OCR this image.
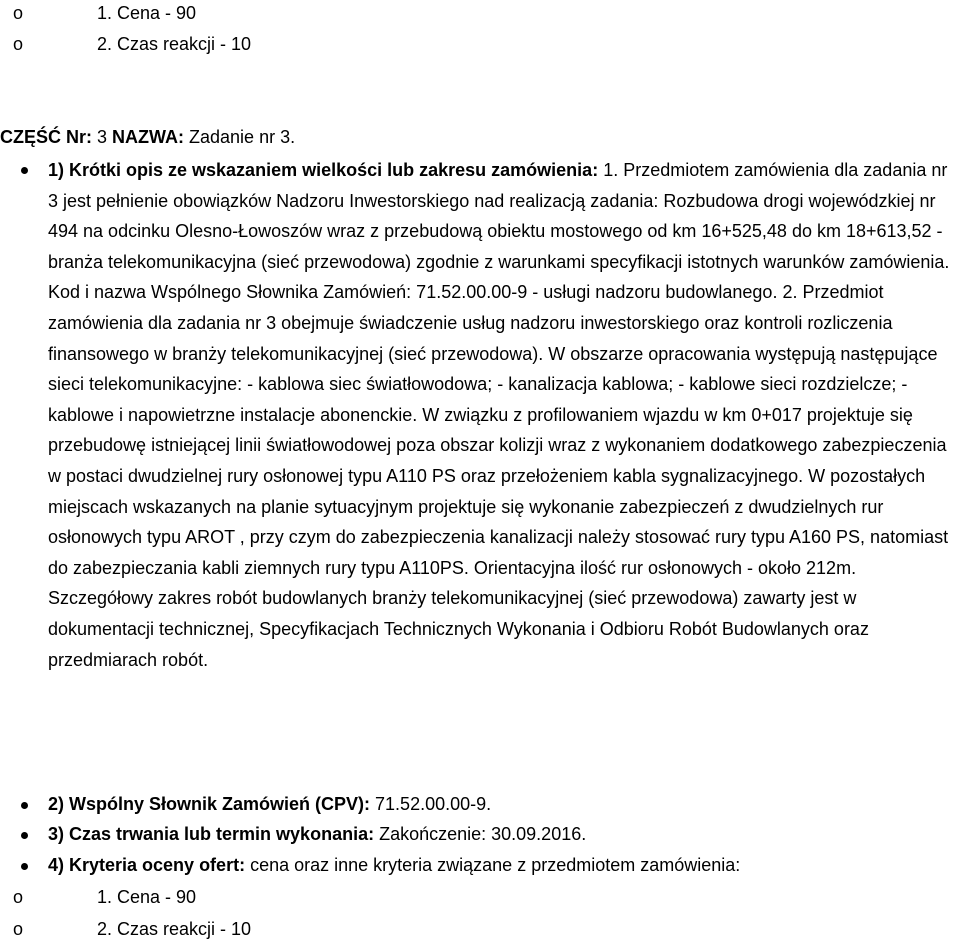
o	1. Cena - 90
o	2. Czas reakcji - 10
CZĘŚĆ Nr: 3 NAZWA: Zadanie nr 3.

1) Krótki opis ze wskazaniem wielkości lub zakresu zamówienia: 1. Przedmiotem zamówienia dla zadania nr 3 jest pełnienie obowiązków Nadzoru Inwestorskiego nad realizacją zadania: Rozbudowa drogi wojewódzkiej nr 494 na odcinku Olesno-Łowoszów wraz z przebudową obiektu mostowego od km 16+525,48 do km 18+613,52 - branża telekomunikacyjna (sieć przewodowa) zgodnie z warunkami specyfikacji istotnych warunków zamówienia. Kod i nazwa Wspólnego Słownika Zamówień: 71.52.00.00-9 - usługi nadzoru budowlanego. 2. Przedmiot zamówienia dla zadania nr 3 obejmuje świadczenie usług nadzoru inwestorskiego oraz kontroli rozliczenia finansowego w branży telekomunikacyjnej (sieć przewodowa). W obszarze opracowania występują następujące sieci telekomunikacyjne: - kablowa siec światłowodowa; - kanalizacja kablowa; - kablowe sieci rozdzielcze; - kablowe i napowietrzne instalacje abonenckie. W związku z profilowaniem wjazdu w km 0+017 projektuje się przebudowę istniejącej linii światłowodowej poza obszar kolizji wraz z wykonaniem dodatkowego zabezpieczenia w postaci dwudzielnej rury osłonowej typu A110 PS oraz przełożeniem kabla sygnalizacyjnego. W pozostałych miejscach wskazanych na planie sytuacyjnym projektuje się wykonanie zabezpieczeń z dwudzielnych rur osłonowych typu AROT , przy czym do zabezpieczenia kanalizacji należy stosować rury typu A160 PS, natomiast do zabezpieczania kabli ziemnych rury typu A110PS. Orientacyjna ilość rur osłonowych - około 212m. Szczegółowy zakres robót budowlanych branży telekomunikacyjnej (sieć przewodowa) zawarty jest w dokumentacji technicznej, Specyfikacjach Technicznych Wykonania i Odbioru Robót Budowlanych oraz przedmiarach robót.

2) Wspólny Słownik Zamówień (CPV): 71.52.00.00-9.
3) Czas trwania lub termin wykonania: Zakończenie: 30.09.2016.
4) Kryteria oceny ofert: cena oraz inne kryteria związane z przedmiotem zamówienia:
o	1. Cena - 90
o	2. Czas reakcji - 10
